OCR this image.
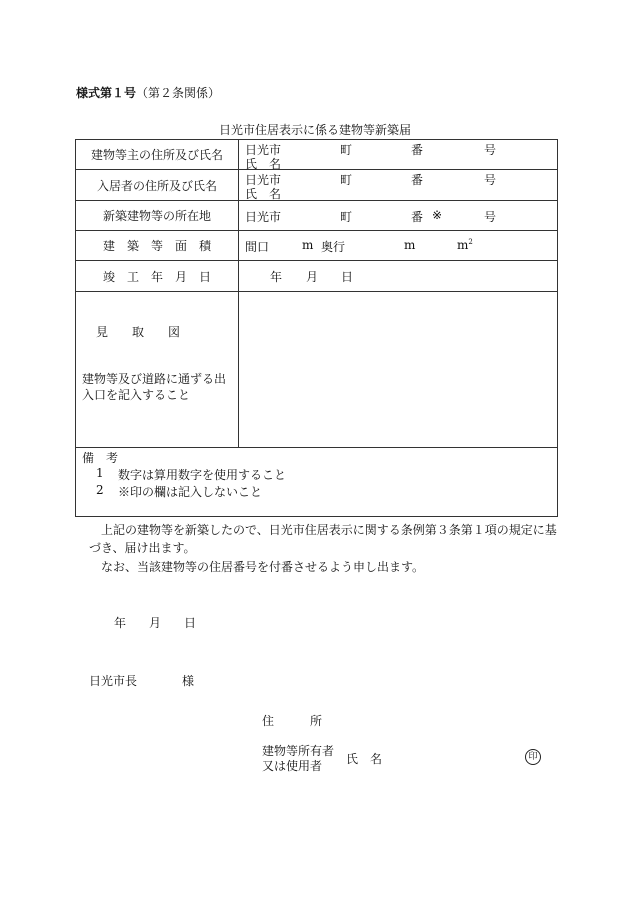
様式第１号（第２条関係）
日光市住居表示に係る建物等新築届
建物等主の住所及び氏名	日光市 町 番 号
氏　名

入居者の住所及び氏名	日光市 町 番 号
氏　名

新築建物等の所在地	日光市 町 番 ※ 号

建　築　等　面　積	間口 m 奥行 m $m^2$

竣　工　年　月　日	年 月 日

見　　取　　図
建物等及び道路に通ずる出
入口を記入すること	

備　考
1 数字は算用数字を使用すること
2 ※印の欄は記入しないこと	
上記の建物等を新築したので、日光市住居表示に関する条例第３条第１項の規定に基
づき、届け出ます。
なお、当該建物等の住居番号を付番させるよう申し出ます。
年 月 日
日光市長	様
住　　　所
建物等所有者
又は使用者 氏　名	印
